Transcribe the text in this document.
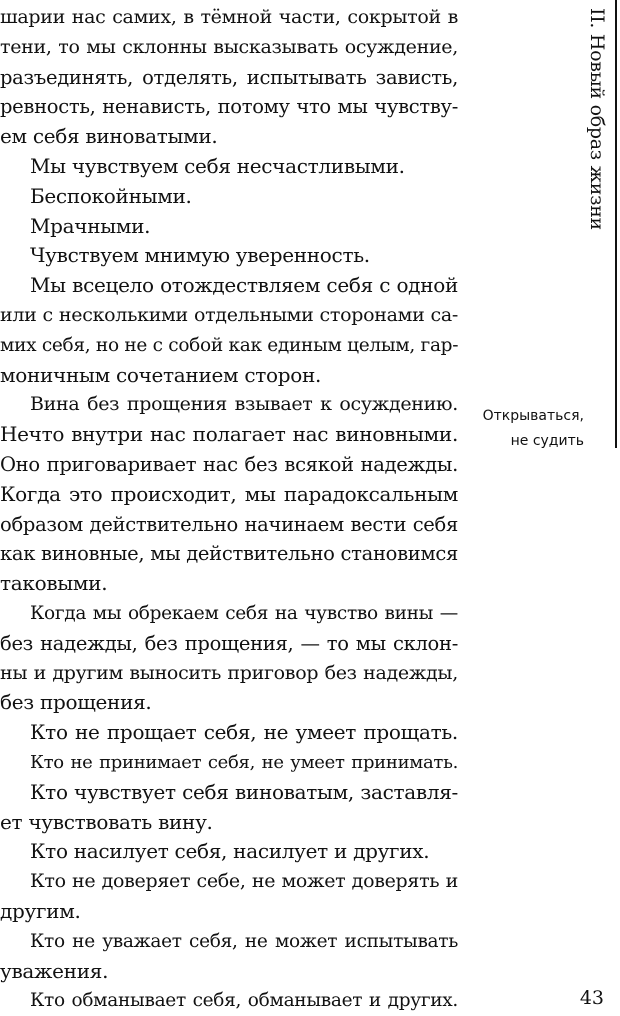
шарии нас самих, в тёмной части, сокрытой в
тени, то мы склонны высказывать осуждение,
разъединять, отделять, испытывать зависть,
ревность, ненависть, потому что мы чувству-
ем себя виноватыми.
Мы чувствуем себя несчастливыми.
Беспокойными.
Мрачными.
Чувствуем мнимую уверенность.
Мы всецело отождествляем себя с одной
или с несколькими отдельными сторонами са-
мих себя, но не с собой как единым целым, гар-
моничным сочетанием сторон.
Вина без прощения взывает к осуждению.
Нечто внутри нас полагает нас виновными.
Оно приговаривает нас без всякой надежды.
Когда это происходит, мы парадоксальным
образом действительно начинаем вести себя
как виновные, мы действительно становимся
таковыми.
Когда мы обрекаем себя на чувство вины —
без надежды, без прощения, — то мы склон-
ны и другим выносить приговор без надежды,
без прощения.
Кто не прощает себя, не умеет прощать.
Кто не принимает себя, не умеет принимать.
Кто чувствует себя виноватым, заставля-
ет чувствовать вину.
Кто насилует себя, насилует и других.
Кто не доверяет себе, не может доверять и
другим.
Кто не уважает себя, не может испытывать
уважения.
Кто обманывает себя, обманывает и других.
II. Новый образ жизни
Открываться,
не судить
43
